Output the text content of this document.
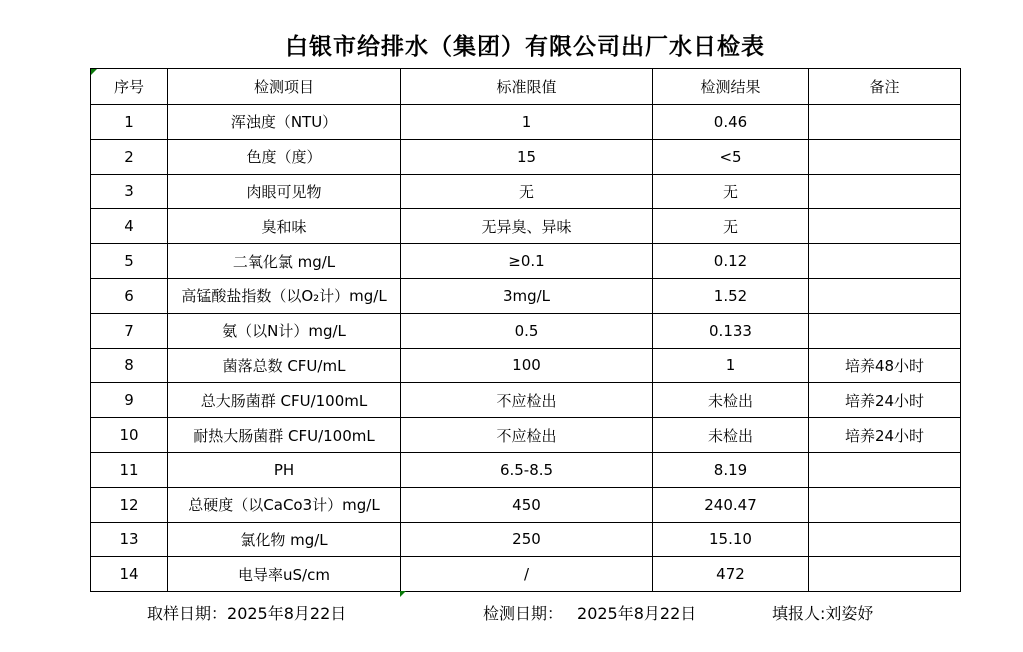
白银市给排水（集团）有限公司出厂水日检表
序号	检测项目	标准限值	检测结果	备注
1	浑浊度（NTU）	1	0.46	
2	色度（度）	15	<5	
3	肉眼可见物	无	无	
4	臭和味	无异臭、异味	无	
5	二氧化氯 mg/L	≥0.1	0.12	
6	高锰酸盐指数（以O₂计）mg/L	3mg/L	1.52	
7	氨（以N计）mg/L	0.5	0.133	
8	菌落总数 CFU/mL	100	1	培养48小时
9	总大肠菌群 CFU/100mL	不应检出	未检出	培养24小时
10	耐热大肠菌群 CFU/100mL	不应检出	未检出	培养24小时
11	PH	6.5-8.5	8.19	
12	总硬度（以CaCo3计）mg/L	450	240.47	
13	氯化物 mg/L	250	15.10	
14	电导率uS/cm	/	472	
取样日期：2025年8月22日	检测日期： 2025年8月22日	填报人:刘姿妤
